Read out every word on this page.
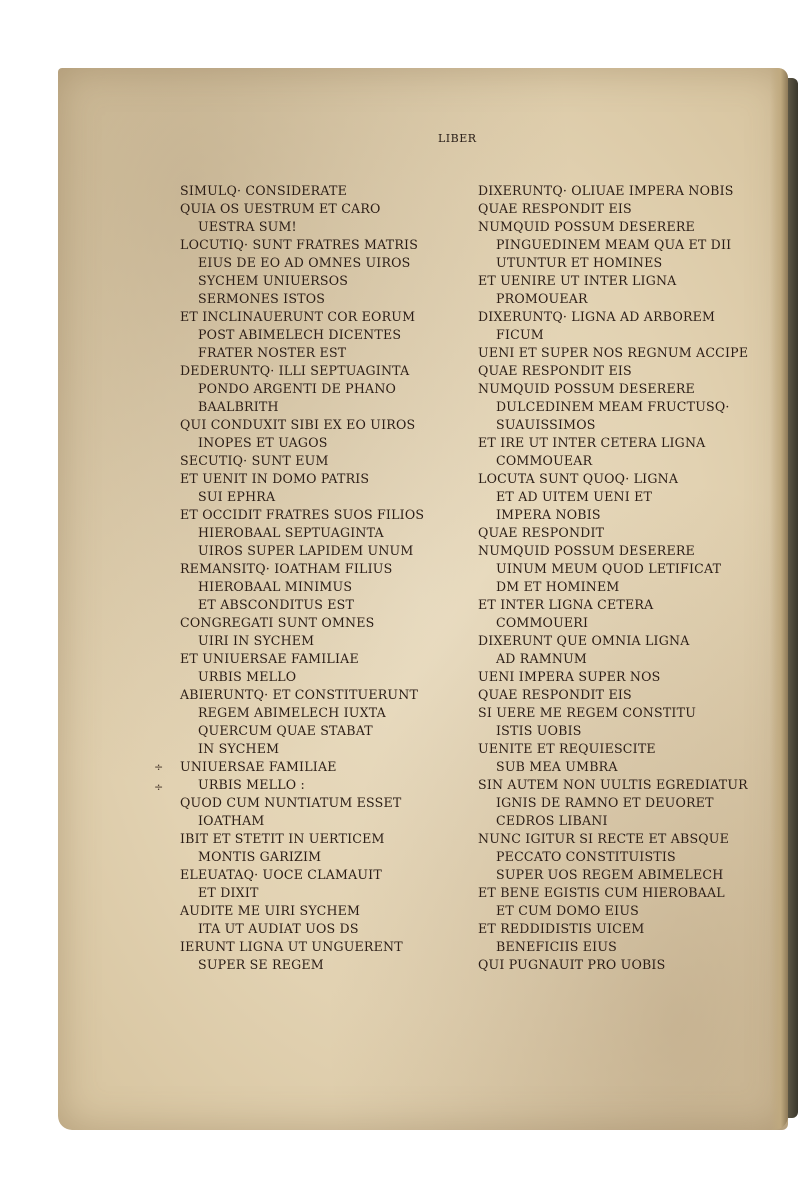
LIBER
SIMULQ· CONSIDERATE
QUIA OS UESTRUM ET CARO
UESTRA SUM!
LOCUTIQ· SUNT FRATRES MATRIS
EIUS DE EO AD OMNES UIROS
SYCHEM UNIUERSOS
SERMONES ISTOS
ET INCLINAUERUNT COR EORUM
POST ABIMELECH DICENTES
FRATER NOSTER EST
DEDERUNTQ· ILLI SEPTUAGINTA
PONDO ARGENTI DE PHANO
BAALBRITH
QUI CONDUXIT SIBI EX EO UIROS
INOPES ET UAGOS
SECUTIQ· SUNT EUM
ET UENIT IN DOMO PATRIS
SUI EPHRA
ET OCCIDIT FRATRES SUOS FILIOS
HIEROBAAL SEPTUAGINTA
UIROS SUPER LAPIDEM UNUM
REMANSITQ· IOATHAM FILIUS
HIEROBAAL MINIMUS
ET ABSCONDITUS EST
CONGREGATI SUNT OMNES
UIRI IN SYCHEM
ET UNIUERSAE FAMILIAE
URBIS MELLO
ABIERUNTQ· ET CONSTITUERUNT
REGEM ABIMELECH IUXTA
QUERCUM QUAE STABAT
IN SYCHEM
UNIUERSAE FAMILIAE
URBIS MELLO :
QUOD CUM NUNTIATUM ESSET
IOATHAM
IBIT ET STETIT IN UERTICEM
MONTIS GARIZIM
ELEUATAQ· UOCE CLAMAUIT
ET DIXIT
AUDITE ME UIRI SYCHEM
ITA UT AUDIAT UOS DS
IERUNT LIGNA UT UNGUERENT
SUPER SE REGEM
DIXERUNTQ· OLIUAE IMPERA NOBIS
QUAE RESPONDIT EIS
NUMQUID POSSUM DESERERE
PINGUEDINEM MEAM QUA ET DII
UTUNTUR ET HOMINES
ET UENIRE UT INTER LIGNA
PROMOUEAR
DIXERUNTQ· LIGNA AD ARBOREM
FICUM
UENI ET SUPER NOS REGNUM ACCIPE
QUAE RESPONDIT EIS
NUMQUID POSSUM DESERERE
DULCEDINEM MEAM FRUCTUSQ·
SUAUISSIMOS
ET IRE UT INTER CETERA LIGNA
COMMOUEAR
LOCUTA SUNT QUOQ· LIGNA
ET AD UITEM UENI ET
IMPERA NOBIS
QUAE RESPONDIT
NUMQUID POSSUM DESERERE
UINUM MEUM QUOD LETIFICAT
DM ET HOMINEM
ET INTER LIGNA CETERA
COMMOUERI
DIXERUNT QUE OMNIA LIGNA
AD RAMNUM
UENI IMPERA SUPER NOS
QUAE RESPONDIT EIS
SI UERE ME REGEM CONSTITU
ISTIS UOBIS
UENITE ET REQUIESCITE
SUB MEA UMBRA
SIN AUTEM NON UULTIS EGREDIATUR
IGNIS DE RAMNO ET DEUORET
CEDROS LIBANI
NUNC IGITUR SI RECTE ET ABSQUE
PECCATO CONSTITUISTIS
SUPER UOS REGEM ABIMELECH
ET BENE EGISTIS CUM HIEROBAAL
ET CUM DOMO EIUS
ET REDDIDISTIS UICEM
BENEFICIIS EIUS
QUI PUGNAUIT PRO UOBIS
÷
÷
